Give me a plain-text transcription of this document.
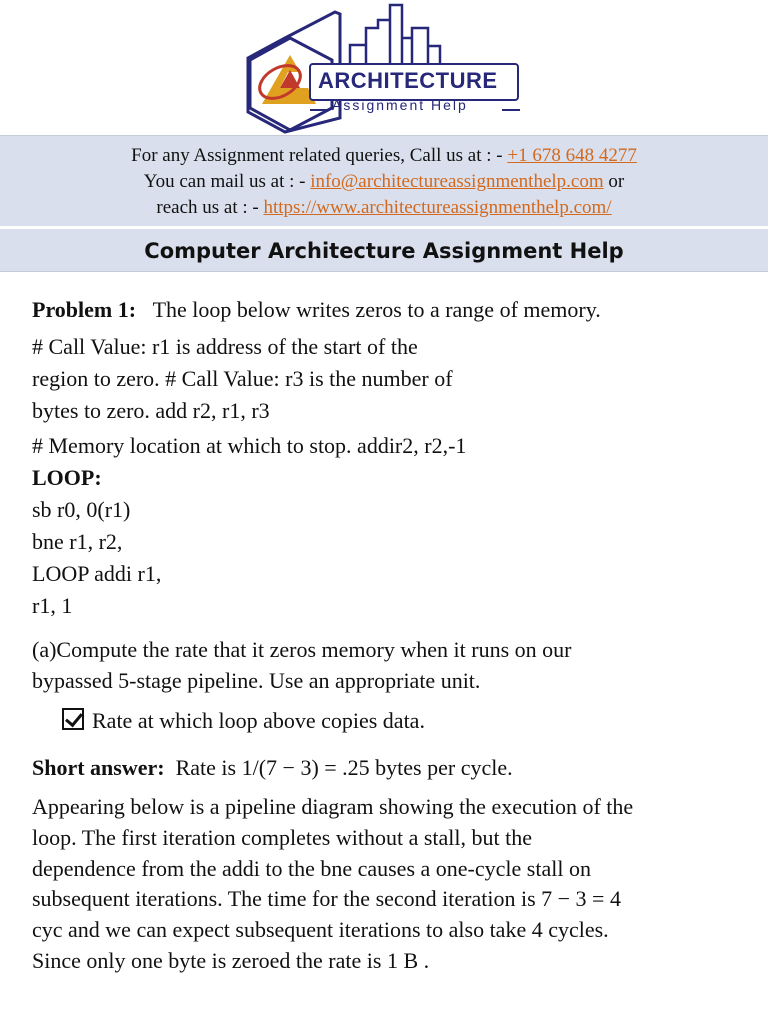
ARCHITECTURE
Assignment Help
For any Assignment related queries, Call us at : - +1 678 648 4277
You can mail us at : - info@architectureassignmenthelp.com or
reach us at : - https://www.architectureassignmenthelp.com/
Computer Architecture Assignment Help
Problem 1: The loop below writes zeros to a range of memory.
# Call Value: r1 is address of the start of the
region to zero. # Call Value: r3 is the number of
bytes to zero. add r2, r1, r3
# Memory location at which to stop. addir2, r2,-1
LOOP:
sb r0, 0(r1)
bne r1, r2,
LOOP addi r1,
r1, 1
(a)Compute the rate that it zeros memory when it runs on our
bypassed 5-stage pipeline. Use an appropriate unit.
Rate at which loop above copies data.
Short answer: Rate is 1/(7 − 3) = .25 bytes per cycle.
Appearing below is a pipeline diagram showing the execution of the
loop. The first iteration completes without a stall, but the
dependence from the addi to the bne causes a one-cycle stall on
subsequent iterations. The time for the second iteration is 7 − 3 = 4
cyc and we can expect subsequent iterations to also take 4 cycles.
Since only one byte is zeroed the rate is 1 B .
